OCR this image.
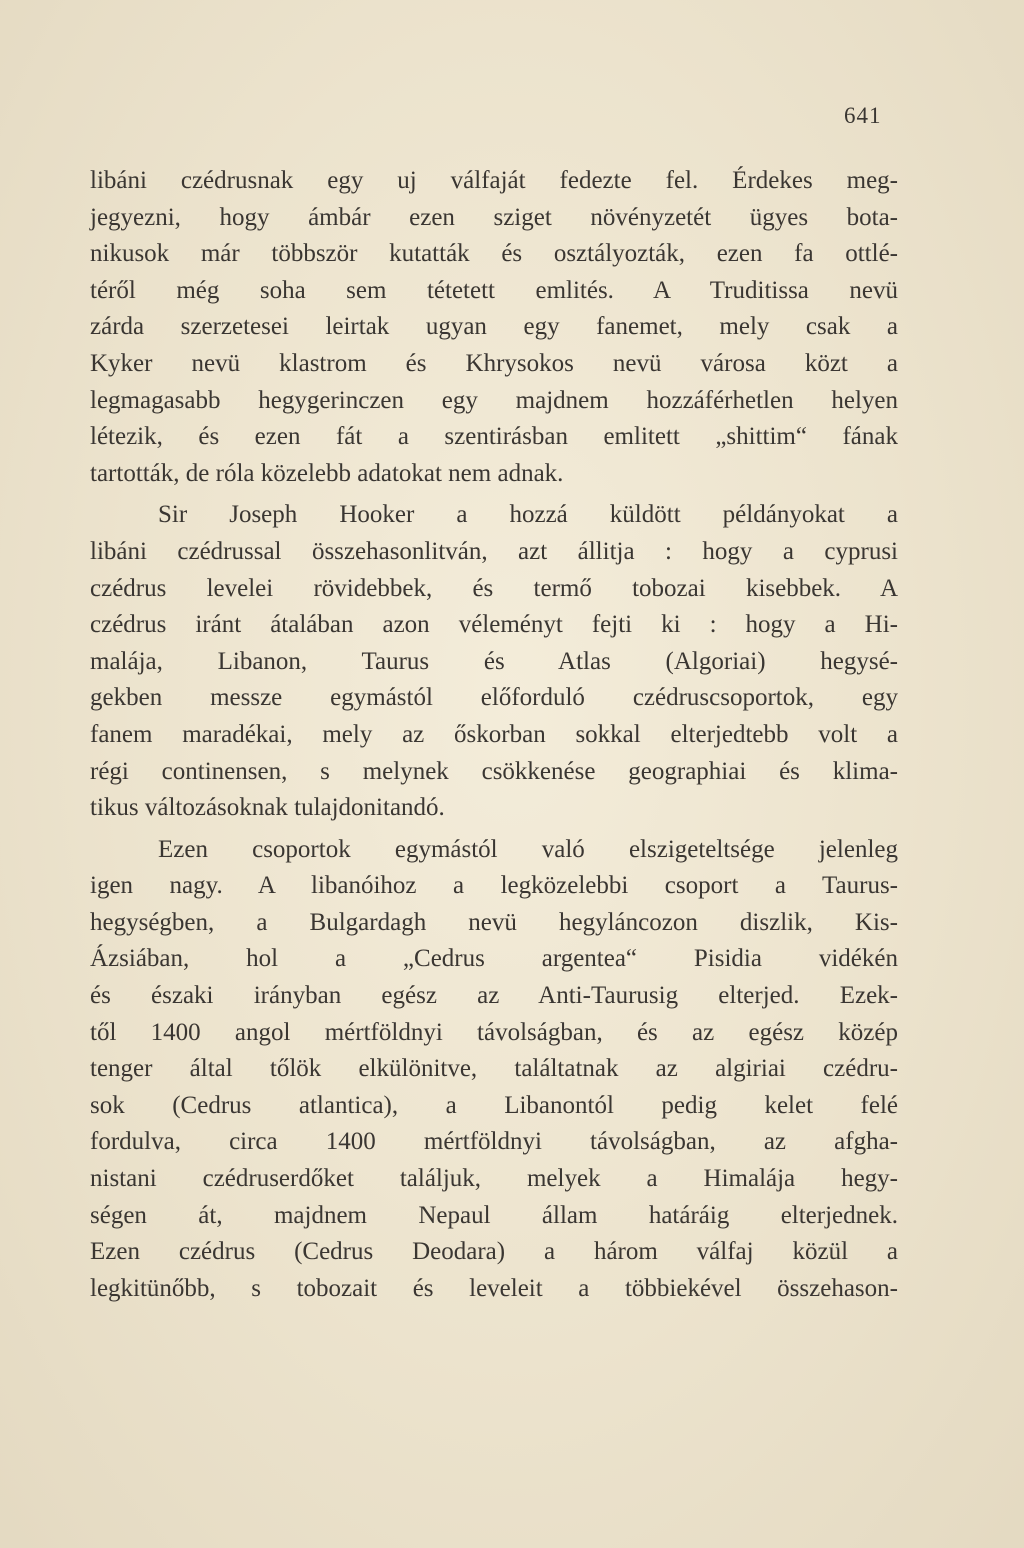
641
libáni czédrusnak egy uj válfaját fedezte fel. Érdekes meg-
jegyezni, hogy ámbár ezen sziget növényzetét ügyes bota-
nikusok már többször kutatták és osztályozták, ezen fa ottlé-
téről még soha sem tétetett emlités. A Truditissa nevü
zárda szerzetesei leirtak ugyan egy fanemet, mely csak a
Kyker nevü klastrom és Khrysokos nevü városa közt a
legmagasabb hegygerinczen egy majdnem hozzáférhetlen helyen
létezik, és ezen fát a szentirásban emlitett „shittim“ fának
tartották, de róla közelebb adatokat nem adnak.
Sir Joseph Hooker a hozzá küldött példányokat a
libáni czédrussal összehasonlitván, azt állitja : hogy a cyprusi
czédrus levelei rövidebbek, és termő tobozai kisebbek. A
czédrus iránt átalában azon véleményt fejti ki : hogy a Hi-
malája, Libanon, Taurus és Atlas (Algoriai) hegysé-
gekben messze egymástól előforduló czédruscsoportok, egy
fanem maradékai, mely az őskorban sokkal elterjedtebb volt a
régi continensen, s melynek csökkenése geographiai és klima-
tikus változásoknak tulajdonitandó.
Ezen csoportok egymástól való elszigeteltsége jelenleg
igen nagy. A libanóihoz a legközelebbi csoport a Taurus-
hegységben, a Bulgardagh nevü hegyláncozon diszlik, Kis-
Ázsiában, hol a „Cedrus argentea“ Pisidia vidékén
és északi irányban egész az Anti-Taurusig elterjed. Ezek-
től 1400 angol mértföldnyi távolságban, és az egész közép
tenger által tőlök elkülönitve, találtatnak az algiriai czédru-
sok (Cedrus atlantica), a Libanontól pedig kelet felé
fordulva, circa 1400 mértföldnyi távolságban, az afgha-
nistani czédruserdőket találjuk, melyek a Himalája hegy-
ségen át, majdnem Nepaul állam határáig elterjednek.
Ezen czédrus (Cedrus Deodara) a három válfaj közül a
legkitünőbb, s tobozait és leveleit a többiekével összehason-
